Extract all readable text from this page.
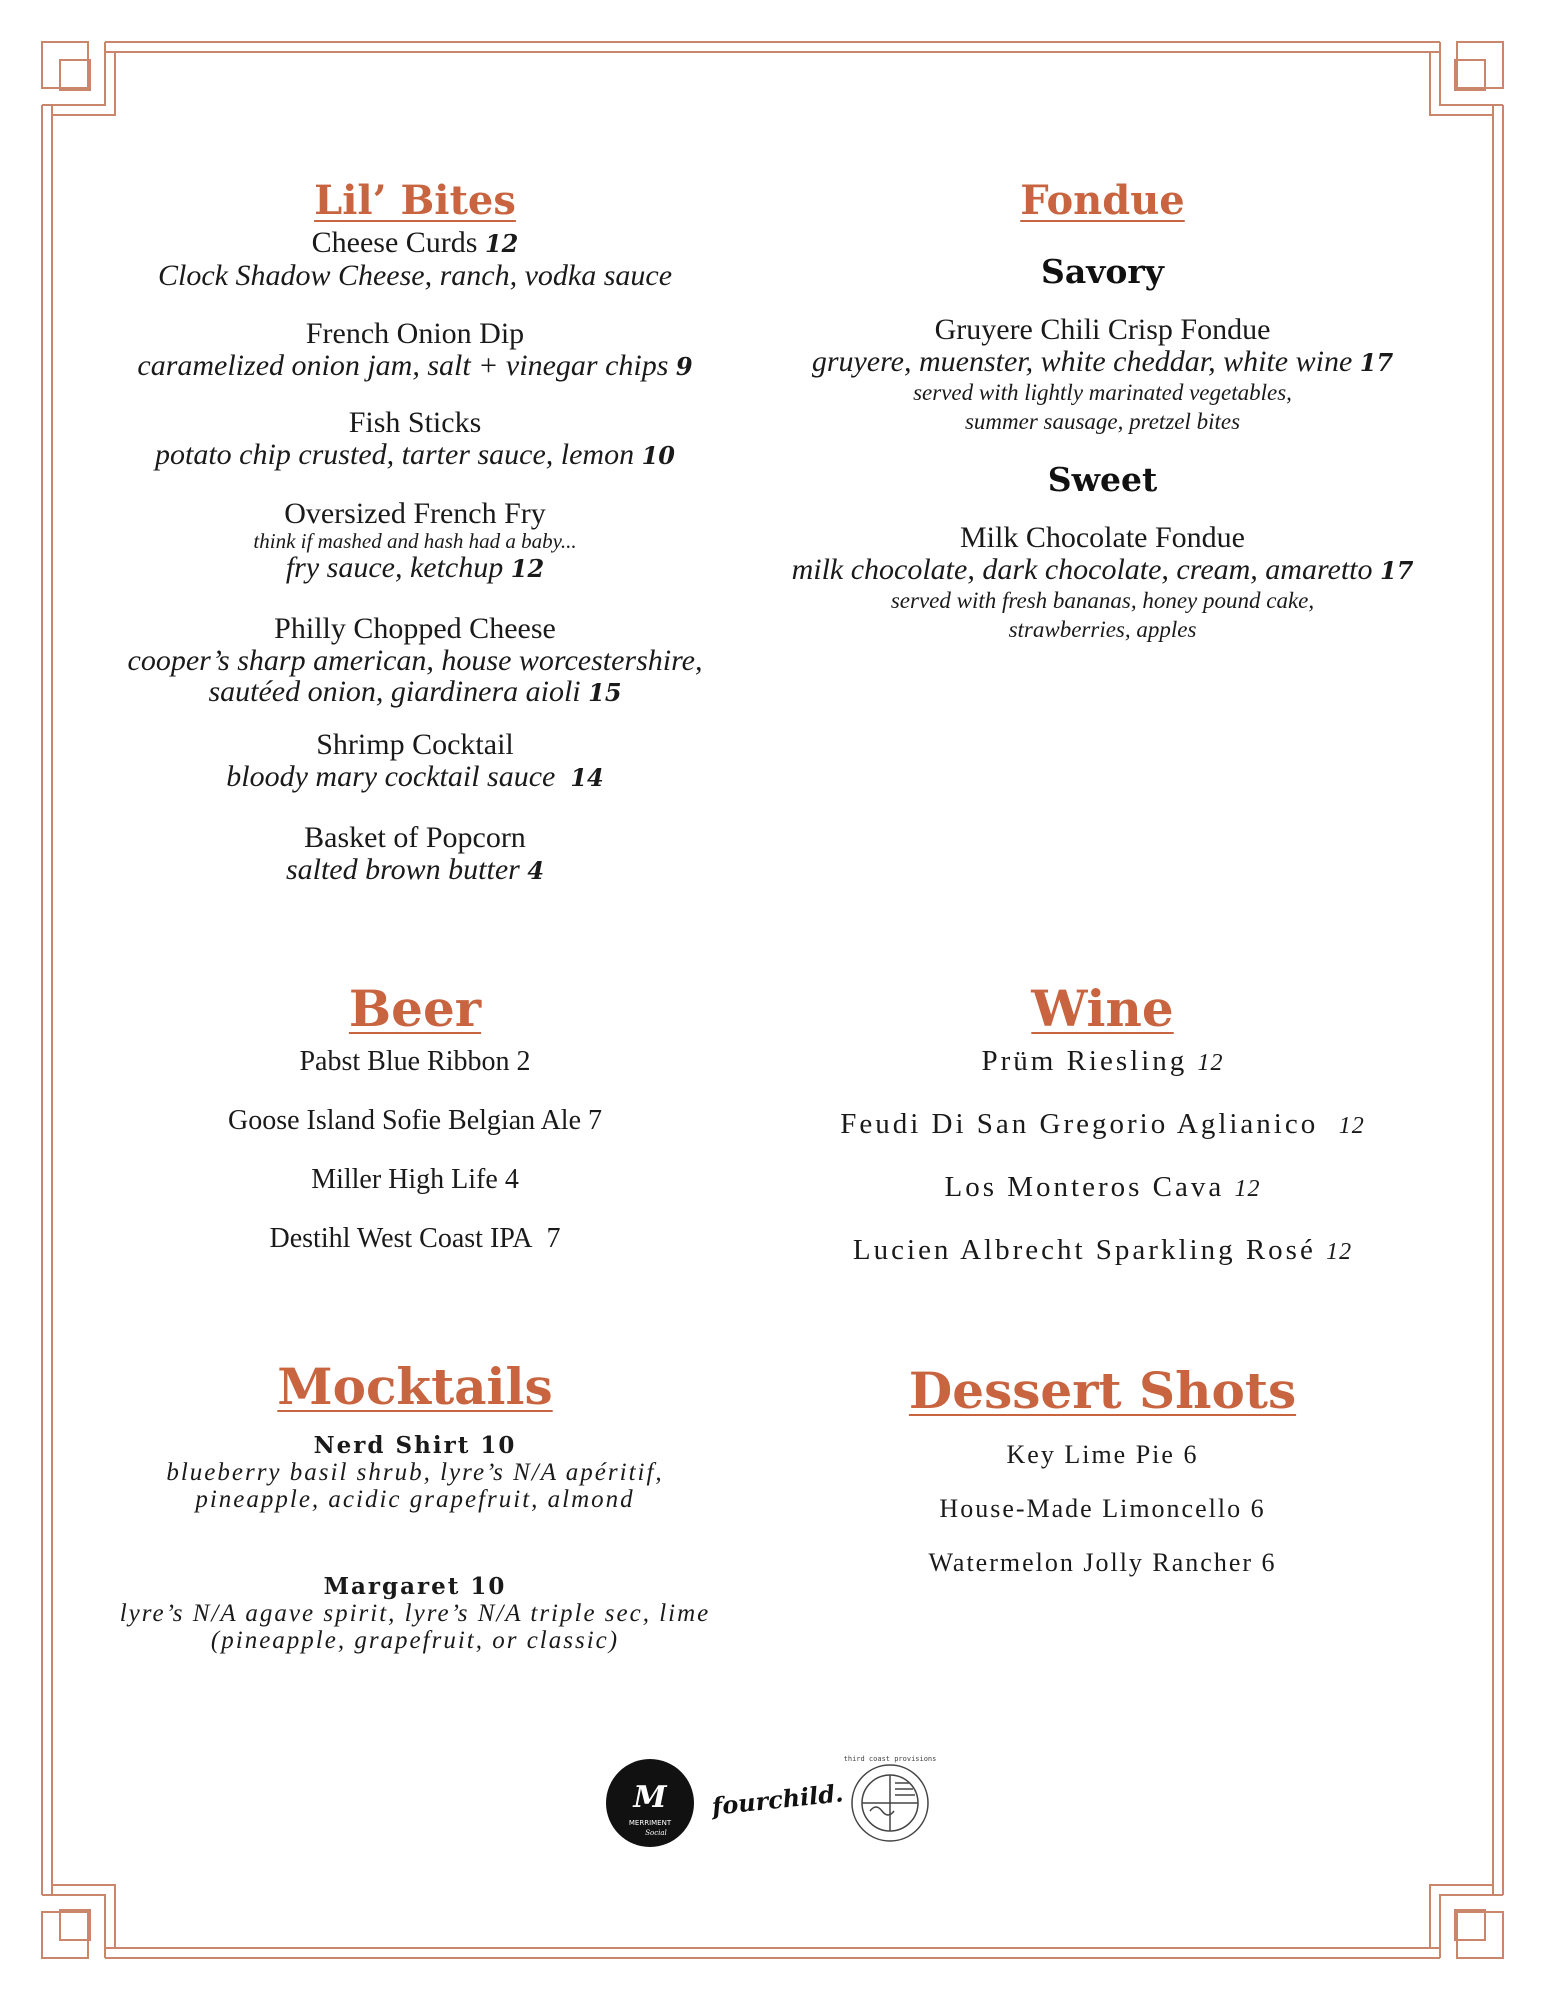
Lil’ Bites
Cheese Curds 12
Clock Shadow Cheese, ranch, vodka sauce
French Onion Dip
caramelized onion jam, salt + vinegar chips 9
Fish Sticks
potato chip crusted, tarter sauce, lemon 10
Oversized French Fry
think if mashed and hash had a baby...
fry sauce, ketchup 12
Philly Chopped Cheese
cooper’s sharp american, house worcestershire,
sautéed onion, giardinera aioli 15
Shrimp Cocktail
bloody mary cocktail sauce 14
Basket of Popcorn
salted brown butter 4
Fondue
Savory
Gruyere Chili Crisp Fondue
gruyere, muenster, white cheddar, white wine 17
served with lightly marinated vegetables,
summer sausage, pretzel bites
Sweet
Milk Chocolate Fondue
milk chocolate, dark chocolate, cream, amaretto 17
served with fresh bananas, honey pound cake,
strawberries, apples
Beer
Pabst Blue Ribbon 2
Goose Island Sofie Belgian Ale 7
Miller High Life 4
Destihl West Coast IPA 7
Wine
Prüm Riesling 12
Feudi Di San Gregorio Aglianico 12
Los Monteros Cava 12
Lucien Albrecht Sparkling Rosé 12
Mocktails
Nerd Shirt 10
blueberry basil shrub, lyre’s N/A apéritif,
pineapple, acidic grapefruit, almond
Margaret 10
lyre’s N/A agave spirit, lyre’s N/A triple sec, lime
(pineapple, grapefruit, or classic)
Dessert Shots
Key Lime Pie 6
House-Made Limoncello 6
Watermelon Jolly Rancher 6
M
MERRIMENT
Social
fourchild.
third coast provisions
